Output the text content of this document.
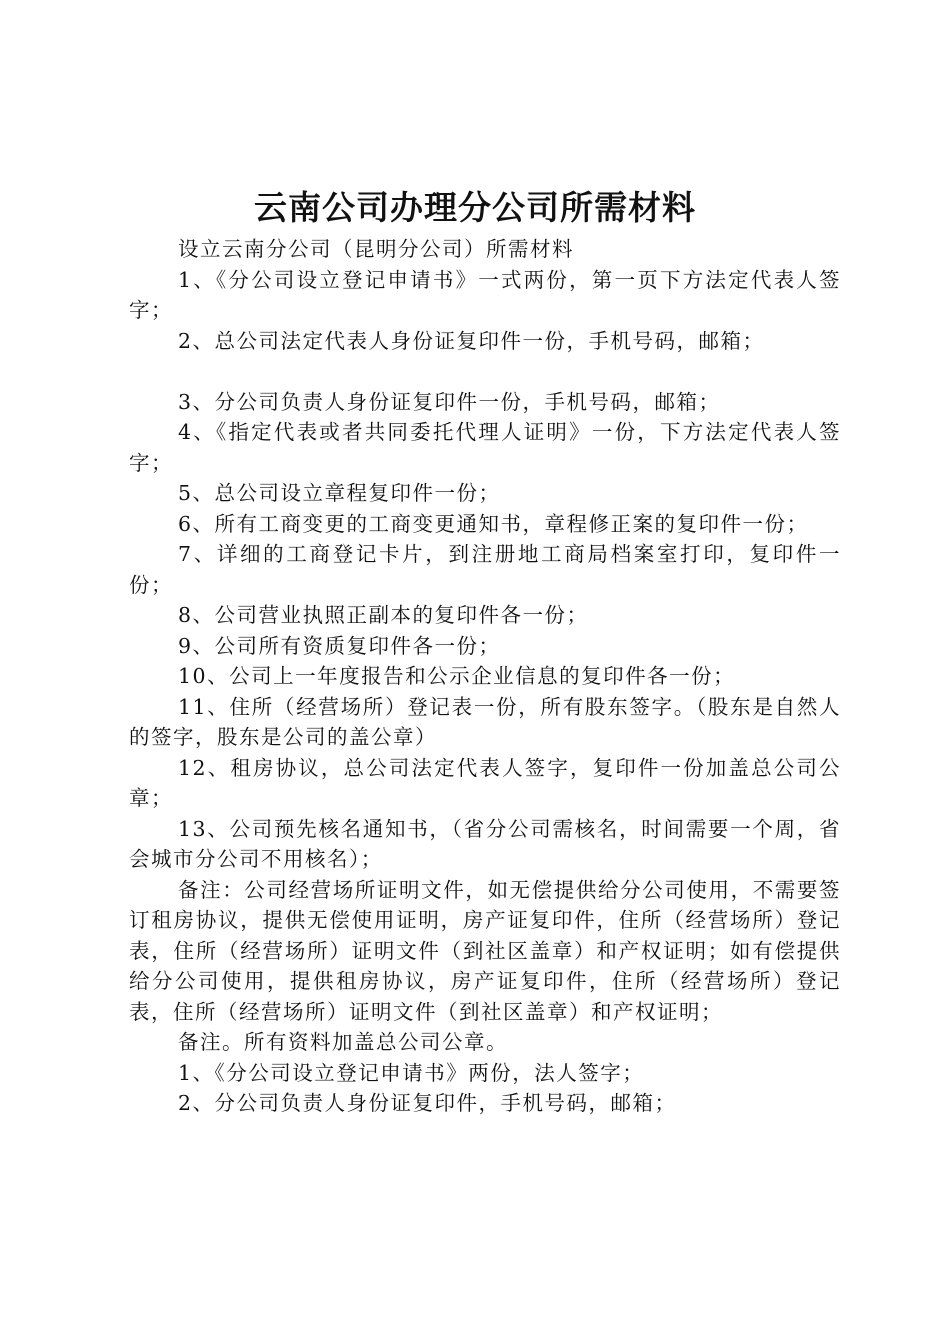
云南公司办理分公司所需材料

设立云南分公司（昆明分公司）所需材料

1、《分公司设立登记申请书》一式两份，第一页下方法定代表人签字；

2、总公司法定代表人身份证复印件一份，手机号码，邮箱；

3、分公司负责人身份证复印件一份，手机号码，邮箱；

4、《指定代表或者共同委托代理人证明》一份，下方法定代表人签字；

5、总公司设立章程复印件一份；

6、所有工商变更的工商变更通知书，章程修正案的复印件一份；

7、详细的工商登记卡片，到注册地工商局档案室打印，复印件一份；

8、公司营业执照正副本的复印件各一份；

9、公司所有资质复印件各一份；

10、公司上一年度报告和公示企业信息的复印件各一份；

11、住所（经营场所）登记表一份，所有股东签字。（股东是自然人的签字，股东是公司的盖公章）

12、租房协议，总公司法定代表人签字，复印件一份加盖总公司公章；

13、公司预先核名通知书，（省分公司需核名，时间需要一个周，省会城市分公司不用核名）；

备注：公司经营场所证明文件，如无偿提供给分公司使用，不需要签订租房协议，提供无偿使用证明，房产证复印件，住所（经营场所）登记表，住所（经营场所）证明文件（到社区盖章）和产权证明；如有偿提供给分公司使用，提供租房协议，房产证复印件，住所（经营场所）登记表，住所（经营场所）证明文件（到社区盖章）和产权证明；

备注。所有资料加盖总公司公章。

1、《分公司设立登记申请书》两份，法人签字；

2、分公司负责人身份证复印件，手机号码，邮箱；
